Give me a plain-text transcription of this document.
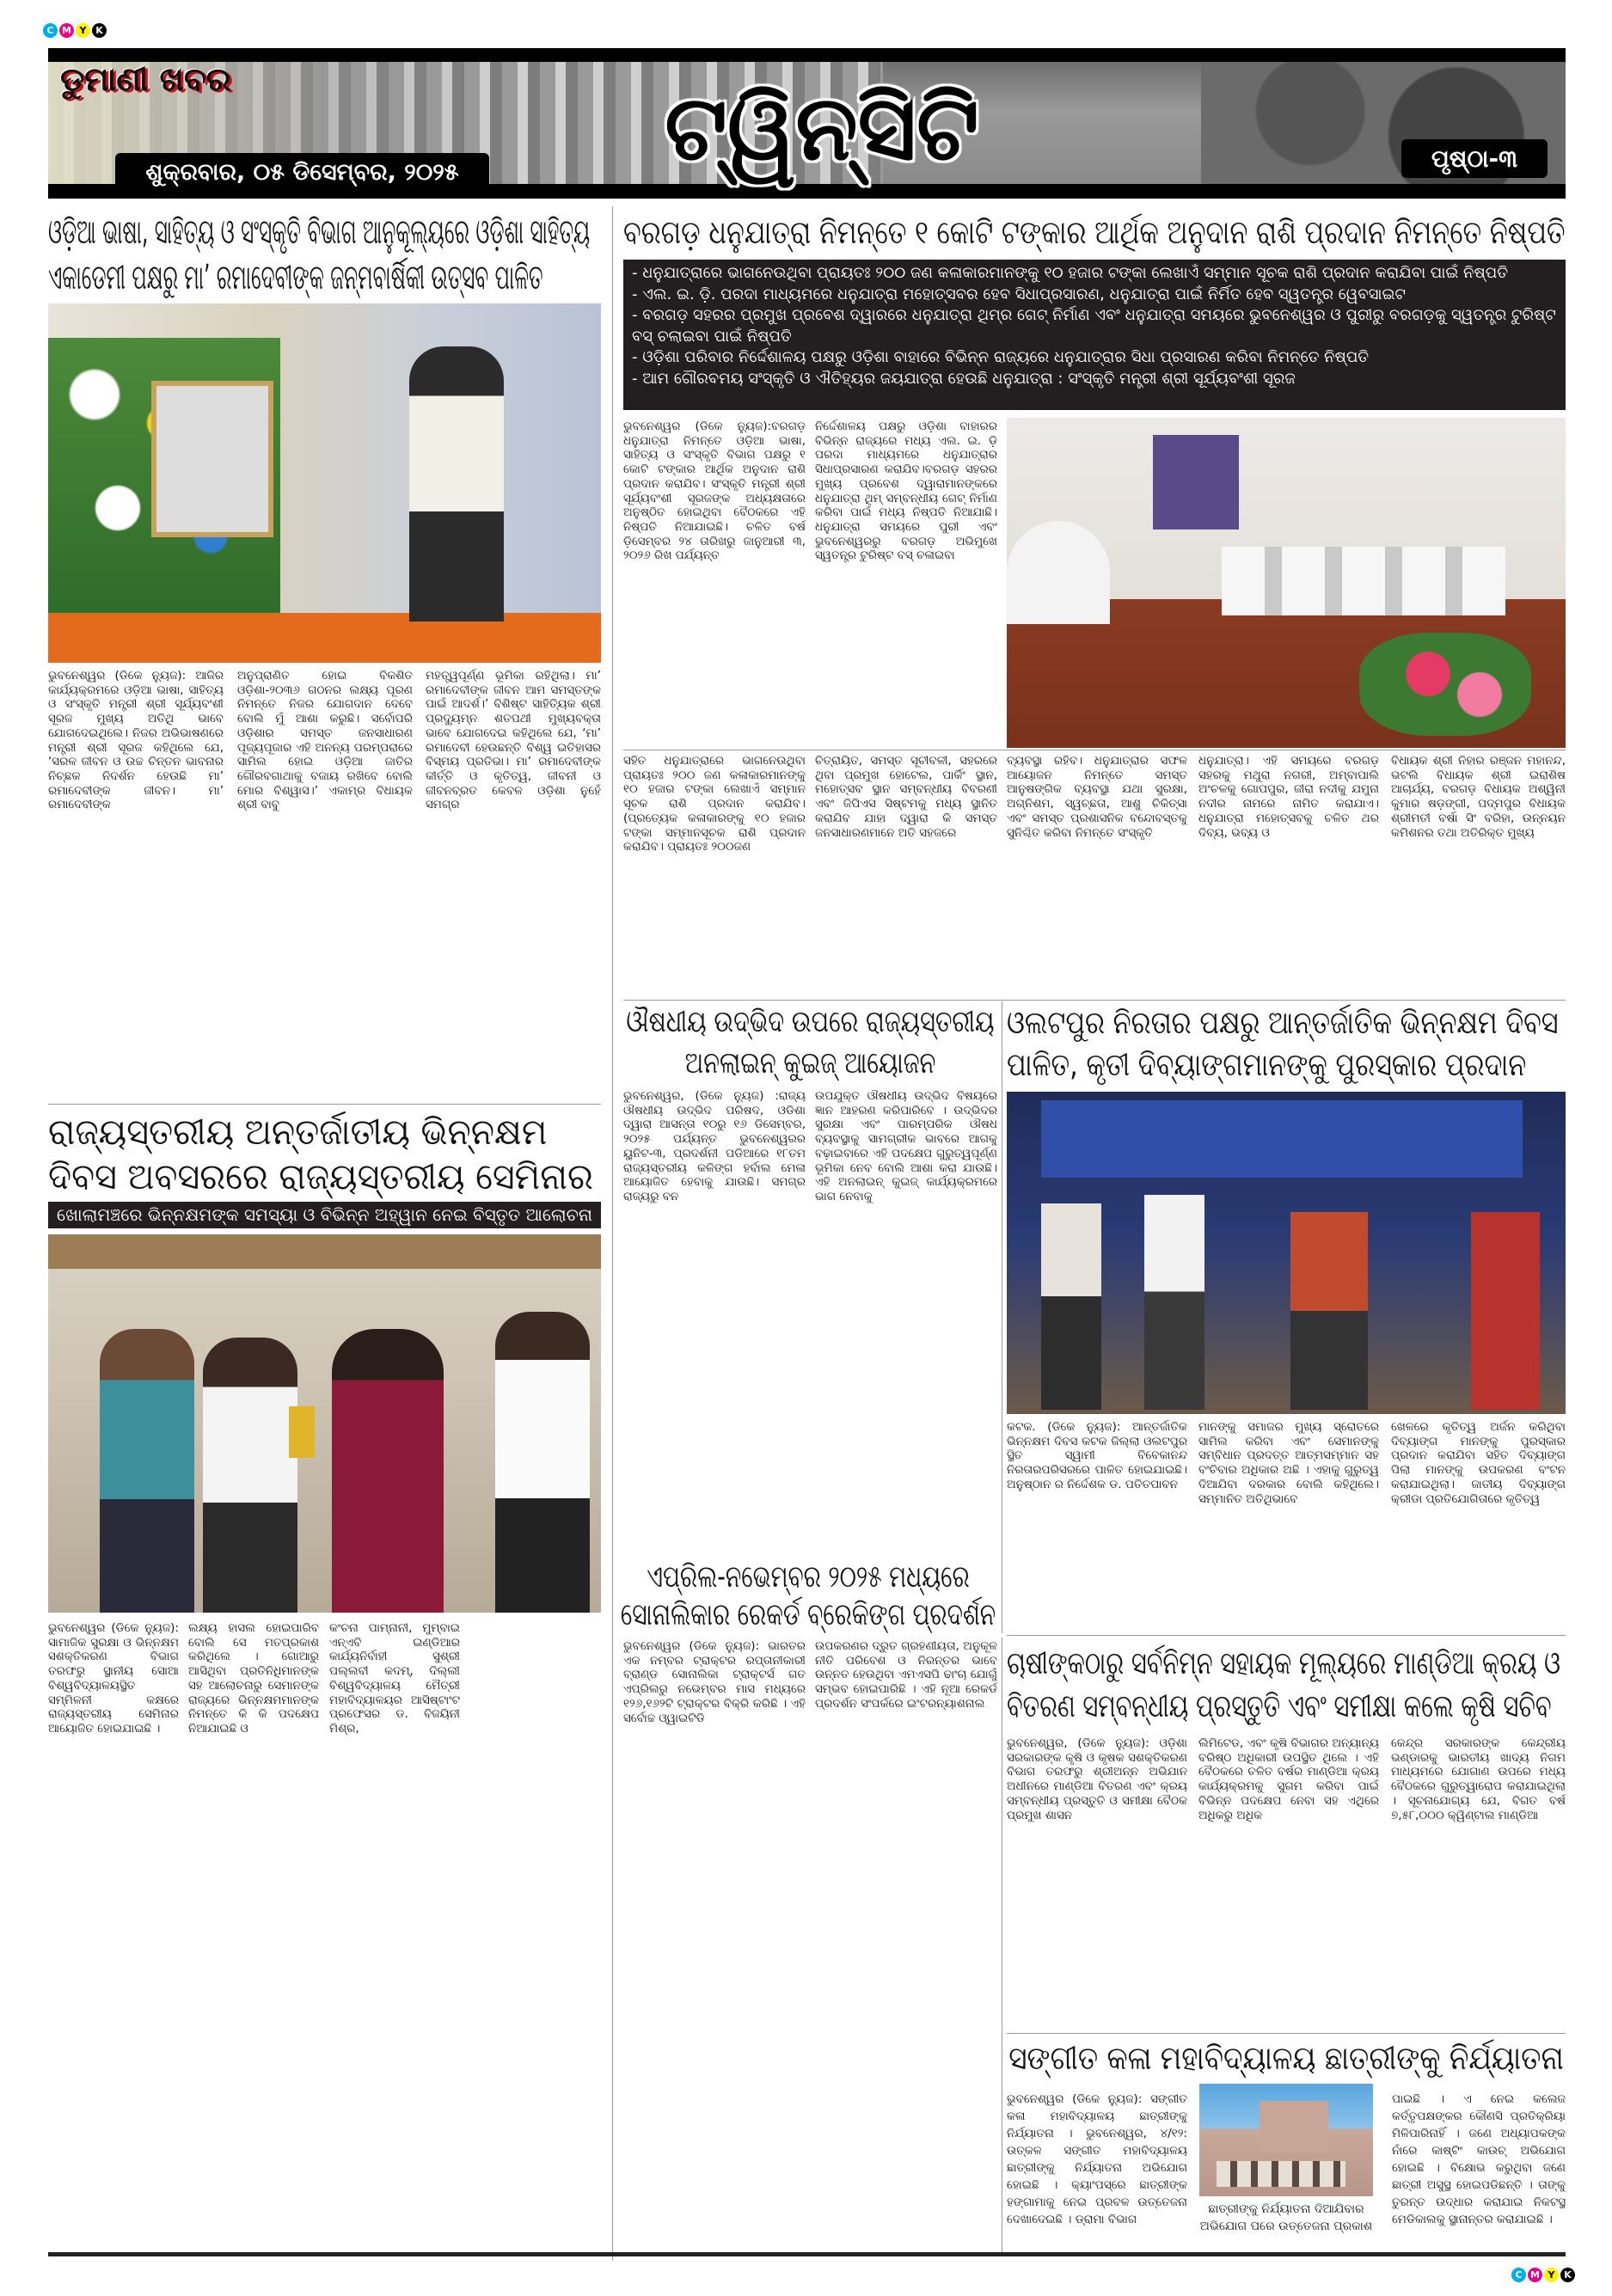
C M Y K
C M Y K
ଡୁମାଣୀ ଖବର
ଶୁକ୍ରବାର, ୦୫ ଡିସେମ୍ବର, ୨୦୨୫	ଟ୍ୱିନ୍‌ସିଟି	ପୃଷ୍ଠା-୩
ଓଡ଼ିଆ ଭାଷା, ସାହିତ୍ୟ ଓ ସଂସ୍କୃତି ବିଭାଗ ଆନୁକୂଲ୍ୟରେ ଓଡ଼ିଶା ସାହିତ୍ୟ ଏକାଡେମୀ ପକ୍ଷରୁ ମା’ ରମାଦେବୀଙ୍କ ଜନ୍ମବାର୍ଷିକୀ ଉତ୍ସବ ପାଳିତ
ଭୁବନେଶ୍ୱର (ଡିକେ ନ୍ୟୁଜ): ଆଜିର କାର୍ଯ୍ୟକ୍ରମରେ ଓଡ଼ିଆ ଭାଷା, ସାହିତ୍ୟ ଓ ସଂସ୍କୃତି ମନ୍ତ୍ରୀ ଶ୍ରୀ ସୂର୍ଯ୍ୟବଂଶୀ ସୂରଜ ମୁଖ୍ୟ ଅତିଥି ଭାବେ ଯୋଗଦେଇଥିଲେ। ନିଜର ଅଭିଭାଷଣରେ ମନ୍ତ୍ରୀ ଶ୍ରୀ ସୂରଜ କହିଥିଲେ ଯେ, ‘ସରଳ ଜୀବନ ଓ ଉଚ୍ଚ ଚିନ୍ତନ ଭାବନାର ନିଚ୍ଛକ ନିଦର୍ଶନ ହେଉଛି ମା’ ରମାଦେବୀଙ୍କ ଜୀବନ। ମା’ ରମାଦେବୀଙ୍କ
ଅନୁପ୍ରାଣିତ ହୋଇ ବିକଶିତ ଓଡ଼ିଶା-୨୦୩୬ ଗଠନର ଲକ୍ଷ୍ୟ ପୂରଣ ନିମନ୍ତେ ନିଜର ଯୋଗଦାନ ଦେବେ ବୋଲି ମୁଁ ଆଶା କରୁଛି। ସର୍ବୋପରି ଓଡ଼ିଶାର ସମସ୍ତ ଜନସାଧାରଣ ପୂଜ୍ୟପୂଜାର ଏହି ଅନନ୍ୟ ପରମ୍ପରାରେ ସାମିଲ ହୋଇ ଓଡ଼ିଆ ଜାତିର ଗୌରବଗାଥାକୁ ବଜାୟ ରଖିବେ ବୋଲି ମୋର ବିଶ୍ୱାସ।’ ଏକାମ୍ର ବିଧାୟକ ଶ୍ରୀ ବାବୁ
ମହତ୍ତ୍ୱପୂର୍ଣ୍ଣ ଭୂମିକା ରହିଥିଲା। ମା’ ରମାଦେବୀଙ୍କ ଜୀବନ ଆମ ସମସ୍ତଙ୍କ ପାଇଁ ଆଦର୍ଶ।’ ବିଶିଷ୍ଟ ସାହିତ୍ୟିକ ଶ୍ରୀ ପ୍ରଦ୍ୟୁମ୍ନ ଶତପଥୀ ମୁଖ୍ୟବକ୍ତା ଭାବେ ଯୋଗଦେଇ କହିଥିଲେ ଯେ, ‘ମା’ ରମାଦେବୀ ହେଉଛନ୍ତି ବିଶ୍ୱ ଇତିହାସର ବିସ୍ମୟ ପ୍ରତିଭା। ମା’ ରମାଦେବୀଙ୍କ କୀର୍ତ୍ତି ଓ କୃତିତ୍ୱ, ଜୀବନୀ ଓ ଜୀବନବ୍ରତ କେବଳ ଓଡ଼ିଶା ନୁହେଁ ସମଗ୍ର
ବରଗଡ଼ ଧନୁଯାତ୍ରା ନିମନ୍ତେ ୧ କୋଟି ଟଙ୍କାର ଆର୍ଥିକ ଅନୁଦାନ ରାଶି ପ୍ରଦାନ ନିମନ୍ତେ ନିଷ୍ପତି
- ଧନୁଯାତ୍ରାରେ ଭାଗନେଉଥିବା ପ୍ରାୟତଃ ୨୦୦ ଜଣ କଳାକାରମାନଙ୍କୁ ୧୦ ହଜାର ଟଙ୍କା ଲେଖାଏଁ ସମ୍ମାନ ସୂଚକ ରାଶି ପ୍ରଦାନ କରାଯିବା ପାଇଁ ନିଷ୍ପତି
- ଏଲ. ଇ. ଡ଼ି. ପରଦା ମାଧ୍ୟମରେ ଧନୁଯାତ୍ରା ମହୋତ୍ସବର ହେବ ସିଧାପ୍ରସାରଣ, ଧନୁଯାତ୍ରା ପାଇଁ ନିର୍ମିତ ହେବ ସ୍ୱତନ୍ତ୍ର ୱେବସାଇଟ
- ବରଗଡ଼ ସହରର ପ୍ରମୁଖ ପ୍ରବେଶ ଦ୍ୱାରରେ ଧନୁଯାତ୍ରା ଥିମ୍‌ର ଗେଟ୍ ନିର୍ମାଣ ଏବଂ ଧନୁଯାତ୍ରା ସମୟରେ ଭୁବନେଶ୍ୱର ଓ ପୁରୀରୁ ବରଗଡ଼କୁ ସ୍ୱତନ୍ତ୍ର ଟୁରିଷ୍ଟ ବସ୍ ଚଲାଇବା ପାଇଁ ନିଷ୍ପତି
- ଓଡ଼ିଶା ପରିବାର ନିର୍ଦ୍ଦେଶାଳୟ ପକ୍ଷରୁ ଓଡ଼ିଶା ବାହାରେ ବିଭିନ୍ନ ରାଜ୍ୟରେ ଧନୁଯାତ୍ରାର ସିଧା ପ୍ରସାରଣ କରିବା ନିମନ୍ତେ ନିଷ୍ପତି
- ଆମ ଗୌରବମୟ ସଂସ୍କୃତି ଓ ଐତିହ୍ୟର ଜୟଯାତ୍ରା ହେଉଛି ଧନୁଯାତ୍ରା : ସଂସ୍କୃତି ମନ୍ତ୍ରୀ ଶ୍ରୀ ସୂର୍ଯ୍ୟବଂଶୀ ସୂରଜ
ଭୁବନେଶ୍ୱର (ଡିକେ ନ୍ୟୁଜ):ବରଗଡ଼ ଧନୁଯାତ୍ରା ନିମନ୍ତେ ଓଡ଼ିଆ ଭାଷା, ସାହିତ୍ୟ ଓ ସଂସ୍କୃତି ବିଭାଗ ପକ୍ଷରୁ ୧ କୋଟି ଟଙ୍କାର ଆର୍ଥିକ ଅନୁଦାନ ରାଶି ପ୍ରଦାନ କରାଯିବ। ସଂସ୍କୃତି ମନ୍ତ୍ରୀ ଶ୍ରୀ ସୂର୍ଯ୍ୟବଂଶୀ ସୂରଜଙ୍କ ଅଧ୍ୟକ୍ଷତାରେ ଅନୁଷ୍ଠିତ ହୋଇଥିବା ବୈଠକରେ ଏହି ନିଷ୍ପତି ନିଆଯାଇଛି। ଚଳିତ ବର୍ଷ ଡ଼ିସେମ୍ବର ୨୪ ତାରିଖରୁ ଜାନୁଆରୀ ୩, ୨୦୨୬ ରିଖ ପର୍ଯ୍ୟନ୍ତ
ନିର୍ଦ୍ଦେଶାଳୟ ପକ୍ଷରୁ ଓଡ଼ିଶା ବାହାରର ବିଭିନ୍ନ ରାଜ୍ୟରେ ମଧ୍ୟ ଏଲ. ଇ. ଡ଼ି ପରଦା ମାଧ୍ୟମରେ ଧନୁଯାତ୍ରାର ସିଧାପ୍ରସାରଣ କରାଯିବ।ବରଗଡ଼ ସହରର ମୁଖ୍ୟ ପ୍ରବେଶ ଦ୍ୱାରାମାନଙ୍କରେ ଧନୁଯାତ୍ରା ଥିମ୍ ସମ୍ବନ୍ଧୀୟ ଗେଟ୍ ନିର୍ମାଣ କରିବା ପାଇଁ ମଧ୍ୟ ନିଷ୍ପତି ନିଆଯାଛି। ଧନୁଯାତ୍ରା ସମୟରେ ପୁରୀ ଏବଂ ଭୁବନେଶ୍ୱରରୁ ବରଗଡ଼ ଅଭିମୁଖେ ସ୍ୱତନ୍ତ୍ର ଟୁରିଷ୍ଟ ବସ୍ ଚଳାଇବା
ସହିତ ଧନୁଯାତ୍ରାରେ ଭାଗନେଉଥିବା ପ୍ରାୟତଃ ୨୦୦ ଜଣ କଳାକାରମାନଙ୍କୁ ୧୦ ହଜାର ଟଙ୍କା ଲେଖାଏଁ ସମ୍ମାନ ସୂଚକ ରାଶି ପ୍ରଦାନ କରାଯିବ। (ପ୍ରତ୍ୟେକ କଳାକାରଙ୍କୁ ୧୦ ହଜାର ଟଙ୍କା ସମ୍ମାନସୂଚକ ରାଶି ପ୍ରଦାନ କରାଯିବ। ପ୍ରାୟତଃ ୨୦୦ଜଣ
ଚିତ୍ରାୟିତ, ସମସ୍ତ ସୂଚୀବଳୀ, ସହରରେ ଥିବା ପ୍ରମୁଖ ହୋଟେଲ, ପାର୍କିଂ ସ୍ଥାନ, ମହୋତ୍ସବ ସ୍ଥାନ ସମ୍ବନ୍ଧୀୟ ବିବରଣୀ ଏବଂ ଜିପିଏସ ସିଷ୍ଟମକୁ ମଧ୍ୟ ସ୍ଥାନିତ କରାଯିବ ଯାହା ଦ୍ୱାରା କି ସମସ୍ତ ଜନସାଧାରଣମାନେ ଅତି ସହଜରେ
ବ୍ୟବସ୍ଥା ରହିବ। ଧନୁଯାତ୍ରାର ସଫଳ ଆୟୋଜନ ନିମନ୍ତେ ସମସ୍ତ ଆନୁଷଙ୍ଗିକ ବ୍ୟବସ୍ଥା ଯଥା ସୁରକ୍ଷା, ଅଗ୍ନିଶମ, ସ୍ୱଚ୍ଛତା, ଆଶୁ ଚିକିତ୍ସା ଏବଂ ସମସ୍ତ ପ୍ରଶାସନିକ ବନ୍ଦୋବସ୍ତକୁ ସୁନିଶ୍ଚିତ କରିବା ନିମନ୍ତେ ସଂସ୍କୃତି
ଧନୁଯାତ୍ରା। ଏହି ସମୟରେ ବରଗଡ଼ ସହରକୁ ମଥୁରା ନଗରୀ, ଅମ୍ବାପାଲି ଅଂଚଳକୁ ଗୋପପୁର, ଜୀରା ନଦୀକୁ ଯମୁନା ନଦୀର ନାମରେ ନାମିତ କରାଯାଏ। ଧନୁଯାତ୍ରା ମହୋତ୍ସବକୁ ଚଳିତ ଥର ଦିବ୍ୟ, ଭବ୍ୟ ଓ
ବିଧାୟକ ଶ୍ରୀ ନିହାର ରଞ୍ଜନ ମହାନନ୍ଦ, ଭଟଲି ବିଧାୟକ ଶ୍ରୀ ଇରାଶିଷ ଆଚାର୍ଯ୍ୟ, ବରଗଡ଼ ବିଧାୟକ ଅଶ୍ୱିନୀ କୁମାର ଷଡ଼ଙ୍ଗୀ, ପଦ୍ମପୁର ବିଧାୟକ ଶ୍ରୀମତୀ ବର୍ଷା ସିଂ ବରିହା, ଉନ୍ନୟନ କମିଶନର ତଥା ଅତିରିକ୍ତ ମୁଖ୍ୟ
ଔଷଧୀୟ ଉଦ୍ଭିଦ ଉପରେ ରାଜ୍ୟସ୍ତରୀୟ ଅନଲାଇନ୍ କୁଇଜ୍ ଆୟୋଜନ
ଭୁବନେଶ୍ୱର, (ଡିକେ ନ୍ୟୁଜ) :ରାଜ୍ୟ ଔଷଧୀୟ ଉଦ୍ଭିଦ ପରିଷଦ, ଓଡିଶା ଦ୍ୱାରା ଆସନ୍ତା ୧୦ରୁ ୧୬ ଡିସେମ୍ବର, ୨୦୨୫ ପର୍ଯ୍ୟନ୍ତ ଭୁବନେଶ୍ୱରର ୟୁନିଟ-୩, ପ୍ରଦର୍ଶନୀ ପଡିଆରେ ୧୮ତମ ରାଜ୍ୟସ୍ତରୀୟ କଳିଙ୍ଗ ହର୍ବାଲ ମେଳା ଆୟୋଜିତ ହେବାକୁ ଯାଉଛି। ସମଗ୍ର ରାଜ୍ୟରୁ ବନ
ଉପଯୁକ୍ତ ଔଷଧୀୟ ଉଦ୍ଭିଦ ବିଷୟରେ ଜ୍ଞାନ ଆହରଣ କରିପାରିବେ । ଉଦ୍ଭିଦର ସୁରକ୍ଷା ଏବଂ ପାରମ୍ପରିକ ଔଷଧ ବ୍ୟବସ୍ଥାକୁ ସାମଗ୍ରୀକ ଭାବରେ ଆଗକୁ ବଢ଼ାଇବାରେ ଏହି ପଦକ୍ଷେପ ଗୁରୁତ୍ୱପୂର୍ଣ୍ଣ ଭୂମିକା ନେବ ବୋଲି ଆଶା କରା ଯାଉଛି।ଏହି ଅନଲାଇନ୍ କୁଇଜ୍ କାର୍ଯ୍ୟକ୍ରମରେ ଭାଗ ନେବାକୁ
ଓଲଟପୁର ନିରତାର ପକ୍ଷରୁ ଆନ୍ତର୍ଜାତିକ ଭିନ୍ନକ୍ଷମ ଦିବସ ପାଳିତ, କୃତୀ ଦିବ୍ୟାଙ୍ଗମାନଙ୍କୁ ପୁରସ୍କାର ପ୍ରଦାନ
କଟକ. (ଡିକେ ନ୍ୟୁଜ): ଆନ୍ତର୍ଜାତିକ ଭିନ୍ନକ୍ଷମ ଦିବସ କଟକ ଜିଲ୍ଲା ଓଲଟପୁର ସ୍ଥିତ ସ୍ୱାମୀ ବିବେକାନନ୍ଦ ନିରତାରପରିସରରେ ପାଳିତ ହୋଇଯାଇଛି। ଅନୁଷ୍ଠାନ ର ନିର୍ଦ୍ଦେଶକ ଡ. ପତିତପାବନ
ମାନଙ୍କୁ ସମାଜର ମୁଖ୍ୟ ସ୍ରୋତରେ ସାମିଲ କରିବା ଏବଂ ସେମାନଙ୍କୁ ସମ୍ବିଧାନ ପ୍ରଦତ୍ତ ଆତ୍ମସମ୍ମାନ ସହ ବଂଚିବାର ଅଧିକାର ଅଛି । ଏହାକୁ ଗୁରୁତ୍ୱ ଦିଆଯିବା ଦରକାର ବୋଲି କହିଥିଲେ। ସମ୍ମାନିତ ଅତିଥିଭାବେ
ଖେଳରେ କୃତିତ୍ୱ ଅର୍ଜନ କରିଥିବା ଦିବ୍ୟାଙ୍ଗ ମାନଙ୍କୁ ପୁରସ୍କାର ପ୍ରଦାନ କରାଯିବା ସହିତ ଦିବ୍ୟାଙ୍ଗ ପିଲା ମାନଙ୍କୁ ଉପକରଣ ବଂଟନ କରାଯାଇଥିଲା। ଜାତୀୟ ଦିବ୍ୟାଙ୍ଗ କ୍ରୀଡା ପ୍ରତିଯୋଗିତାରେ କୃତିତ୍ୱ
ରାଜ୍ୟସ୍ତରୀୟ ଅନ୍ତର୍ଜାତୀୟ ଭିନ୍ନକ୍ଷମ ଦିବସ ଅବସରରେ ରାଜ୍ୟସ୍ତରୀୟ ସେମିନାର
ଖୋଲାମଞ୍ଚରେ ଭିନ୍ନକ୍ଷମଙ୍କ ସମସ୍ୟା ଓ ବିଭିନ୍ନ ଅହ୍ୱାନ ନେଇ ବିସ୍ତୃତ ଆଲୋଚନା
ଭୁବନେଶ୍ୱର (ଡିକେ ନ୍ୟୁଜ): ସାମାଜିକ ସୁରକ୍ଷା ଓ ଭିନ୍ନକ୍ଷମ ସଶକ୍ତିକରଣ ବିଭାଗ ତରଫରୁ ସ୍ଥାନୀୟ ସୋଆ ବିଶ୍ୱବିଦ୍ୟାଳୟସ୍ଥିତ ସମ୍ମିଳନୀ କକ୍ଷରେ ରାଜ୍ୟସ୍ତରୀୟ ସେମିନାର ଆୟୋଜିତ ହୋଇଯାଇଛି ।
ଲକ୍ଷ୍ୟ ହାସଲ ହୋଇପାରିବ ବୋଲି ସେ ମତପ୍ରକାଶ କରିଥିଲେ । ଗୋଆରୁ ଆସିଥିବା ପ୍ରତିନିଧିମାନଙ୍କ ସହ ଆଲୋଚନାରୁ ସେମାନଙ୍କ ରାଜ୍ୟରେ ଭିନ୍ନକ୍ଷମମାନଙ୍କ ନିମନ୍ତେ କି କି ପଦକ୍ଷେପ ନିଆଯାଇଛି ଓ
କଂଚନା ପାମ୍‌ନାନୀ, ମୁମ୍ବାଇ ଏନ୍‌ଏବି ଇଣ୍ଡିଆର କାର୍ଯ୍ୟନିର୍ବାହୀ ସୁଶ୍ରୀ ପଲ୍ଲବୀ କଦମ୍, ଦିଲ୍ଲୀ ବିଶ୍ୱବିଦ୍ୟାଳୟ ମୈତ୍ରୀ ମହାବିଦ୍ୟାଳୟର ଆସିଷ୍ଟାଂଟ ପ୍ରଫେସର ଡ. ବିଜୟିନୀ ମିଶ୍ର,
ଏପ୍ରିଲ-ନଭେମ୍ବର ୨୦୨୫ ମଧ୍ୟରେ ସୋନାଲିକାର ରେକର୍ଡ ବ୍ରେକିଙ୍ଗ ପ୍ରଦର୍ଶନ
ଭୁବନେଶ୍ୱର (ଡିକେ ନ୍ୟୁଜ): ଭାରତର ଏକ ନମ୍ବର ଟ୍ରାକ୍ଟର ରପ୍ତାନୀକାରୀ ବ୍ରାଣ୍ଡ ସୋନାଲିକା ଟ୍ରାକ୍ଟର୍ସ ଗତ ଏପ୍ରିଲରୁ ନଭେମ୍ବର ମାସ ମଧ୍ୟରେ ୧୨୬,୧୬୨ଟି ଟ୍ରାକ୍ଟର ବିକ୍ରି କରିଛି । ଏହି ସର୍ବୋଚ୍ଚ ଓ୍ୱାଇଟିଡି
ଉପକରଣର ଦ୍ରୁତ ଗ୍ରହଣୀୟତା, ଅନୁକୂଳ ନୀତି ପରିବେଶ ଓ ନିରନ୍ତର ଭାବେ ଉନ୍ନତ ହେଉଥିବା ଏମଏସପି ଢାଂଚା ଯୋଗୁଁ ସମ୍ଭବ ହୋଇପାରିଛି । ଏହି ନୂଆ ରେକର୍ଡ ପ୍ରଦର୍ଶନ ସଂପର୍କରେ ଇଂଟରନ୍ୟାଶନାଲ
ଚାଷୀଙ୍କଠାରୁ ସର୍ବନିମ୍ନ ସହାୟକ ମୂଲ୍ୟରେ ମାଣ୍ଡିଆ କ୍ରୟ ଓ ବିତରଣ ସମ୍ବନ୍ଧୀୟ ପ୍ରସ୍ତୁତି ଏବଂ ସମୀକ୍ଷା କଲେ କୃଷି ସଚିବ
ଭୁବନେଶ୍ୱର, (ଡିକେ ନ୍ୟୁଜ): ଓଡ଼ିଶା ସରକାରଙ୍କ କୃଷି ଓ କୃଷକ ସଶକ୍ତିକରଣ ବିଭାଗ ତରଫରୁ ଶ୍ରୀଅନ୍ନ ଅଭିଯାନ ଅଧୀନରେ ମାଣ୍ଡିଆ ବିତରଣ ଏବଂ କ୍ରୟ ସମ୍ବନ୍ଧୀୟ ପ୍ରସ୍ତୁତି ଓ ସମୀକ୍ଷା ବୈଠକ ପ୍ରମୁଖ ଶାସନ
ଲିମିଟେଡ, ଏବଂ କୃଷି ବିଭାଗର ଅନ୍ୟାନ୍ୟ ବରିଷ୍ଠ ଅଧିକାରୀ ଉପସ୍ଥିତ ଥିଲେ । ଏହି ବୈଠକରେ ଚଳିତ ବର୍ଷର ମାଣ୍ଡିଆ କ୍ରୟ କାର୍ଯ୍ୟକ୍ରମକୁ ସୁଗମ କରିବା ପାଇଁ ବିଭିନ୍ନ ପଦକ୍ଷେପ ନେବା ସହ ଏଥିରେ ଅଧିକରୁ ଅଧିକ
କେନ୍ଦ୍ର ସରକାରଙ୍କ କେନ୍ଦ୍ରୀୟ ଭଣ୍ଡାରକୁ ଭାରତୀୟ ଖାଦ୍ୟ ନିଗମ ମାଧ୍ୟମରେ ଯୋଗାଣ ଉପରେ ମଧ୍ୟ ବୈଠକରେ ଗୁରୁତ୍ୱାରୋପ କରାଯାଇଥିଲା । ସୂଚନାଯୋଗ୍ୟ ଯେ, ବିଗତ ବର୍ଷ ୭,୫୮,୦୦୦ କ୍ୱିଣ୍ଟାଲ ମାଣ୍ଡିଆ
ସଙ୍ଗୀତ କଳା ମହାବିଦ୍ୟାଳୟ ଛାତ୍ରୀଙ୍କୁ ନିର୍ଯ୍ୟାତନା
ଭୁବନେଶ୍ୱର (ଡିକେ ନ୍ୟୁଜ): ସଙ୍ଗୀତ କଳା ମହାବିଦ୍ୟାଳୟ ଛାତ୍ରୀଙ୍କୁ ନିର୍ଯ୍ୟାତନା । ଭୁବନେଶ୍ୱର, ୪/୧୨: ଉତ୍କଳ ସଙ୍ଗୀତ ମହାବିଦ୍ୟାଳୟ ଛାତ୍ରୀଙ୍କୁ ନିର୍ଯ୍ୟାତନା ଅଭିଯୋଗ ହୋଇଛି । କ୍ୟାଂପସ୍‌ରେ ଛାତ୍ରୀଙ୍କ ହଙ୍ଗାମାକୁ ନେଇ ପ୍ରବଳ ଉତ୍ତେଜନା ଦେଖାଦେଇଛି । ଡ୍ରାମା ବିଭାଗ
ଛାତ୍ରୀଙ୍କୁ ନିର୍ଯ୍ୟାତନା ଦିଆଯିବାର ଅଭିଯୋଗ ପରେ ଉତ୍ତେଜନା ପ୍ରକାଶ
ପାଇଛି । ଏ ନେଇ କଲେଜ କର୍ତ୍ତୃପକ୍ଷଙ୍କର କୌଣସି ପ୍ରତିକ୍ରିୟା ମିଳିପାରିନାହିଁ । ଜଣେ ଅଧ୍ୟାପକଙ୍କ ନାଁରେ କାଷ୍ଟିଂ କାଉଚ୍ ଅଭିଯୋଗ ହୋଇଛି । ବିକ୍ଷୋଭ କରୁଥିବା ଜଣେ ଛାତ୍ରୀ ଅସୁସ୍ଥ ହୋଇପଡିଛନ୍ତି । ତାଙ୍କୁ ତୁରନ୍ତ ଉଦ୍ଧାର କରାଯାଇ ନିକଟସ୍ଥ ମେଡିକାଲକୁ ସ୍ଥାନାନ୍ତର କରାଯାଇଛି ।
